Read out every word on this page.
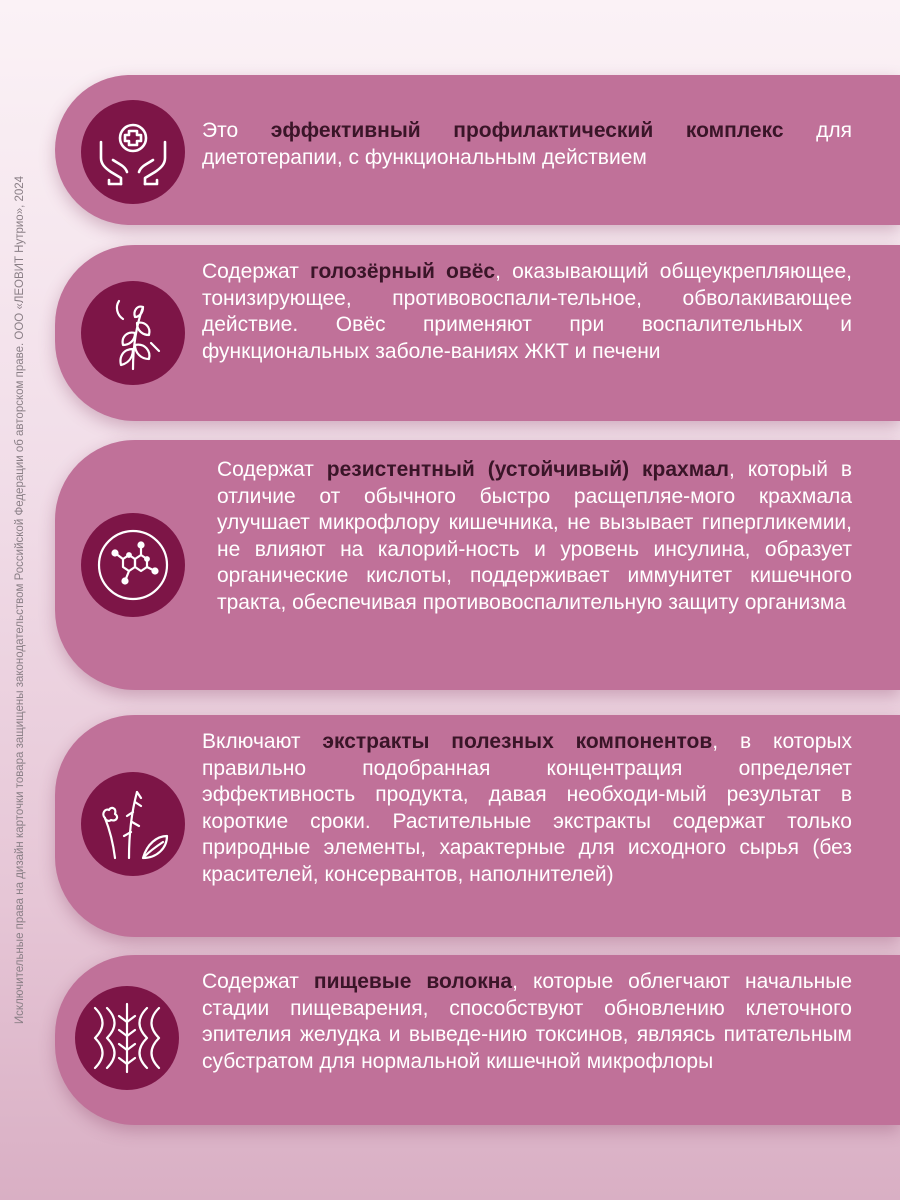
Исключительные права на дизайн карточки товара защищены законодательством Российской Федерации об авторском праве. ООО «ЛЕОВИТ Нутрио», 2024
Это эффективный профилактический комплекс для диетотерапии, с функциональным действием
Содержат голозёрный овёс, оказывающий общеукрепляющее, тонизирующее, противовоспали-тельное, обволакивающее действие. Овёс применяют при воспалительных и функциональных заболе-ваниях ЖКТ и печени
Содержат резистентный (устойчивый) крахмал, который в отличие от обычного быстро расщепляе-мого крахмала улучшает микрофлору кишечника, не вызывает гипергликемии, не влияют на калорий-ность и уровень инсулина, образует органические кислоты, поддерживает иммунитет кишечного тракта, обеспечивая противовоспалительную защиту организма
Включают экстракты полезных компонентов, в которых правильно подобранная концентрация определяет эффективность продукта, давая необходи-мый результат в короткие сроки. Растительные экстракты содержат только природные элементы, характерные для исходного сырья (без красителей, консервантов, наполнителей)
Содержат пищевые волокна, которые облегчают начальные стадии пищеварения, способствуют обновлению клеточного эпителия желудка и выведе-нию токсинов, являясь питательным субстратом для нормальной кишечной микрофлоры
